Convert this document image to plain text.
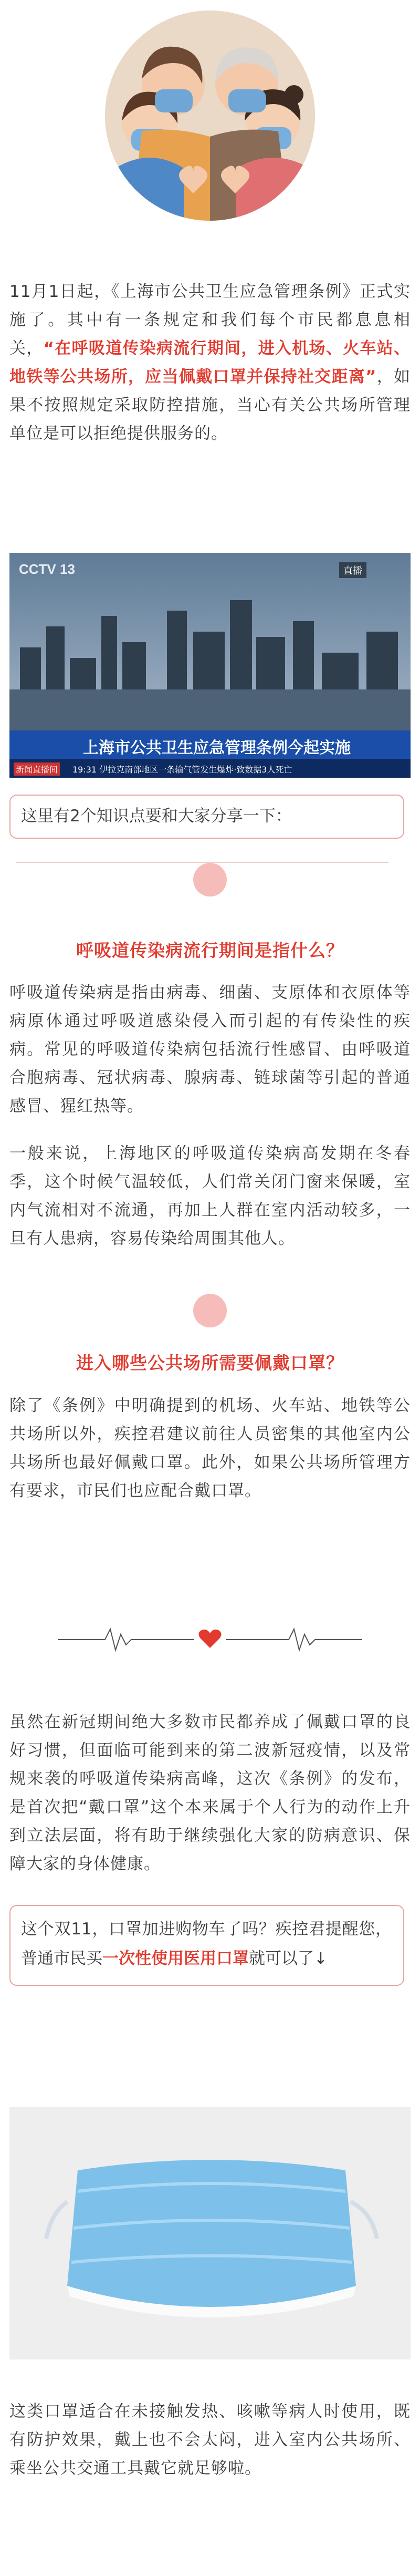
11月1日起，《上海市公共卫生应急管理条例》正式实施了。其中有一条规定和我们每个市民都息息相关，“在呼吸道传染病流行期间，进入机场、火车站、地铁等公共场所，应当佩戴口罩并保持社交距离”，如果不按照规定采取防控措施，当心有关公共场所管理单位是可以拒绝提供服务的。

CCTV 13	直播
上海市公共卫生应急管理条例今起实施
新闻直播间 19:31 伊拉克南部地区一条输气管发生爆炸·致数据3人死亡

这里有2个知识点要和大家分享一下：

呼吸道传染病流行期间是指什么？

呼吸道传染病是指由病毒、细菌、支原体和衣原体等病原体通过呼吸道感染侵入而引起的有传染性的疾病。常见的呼吸道传染病包括流行性感冒、由呼吸道合胞病毒、冠状病毒、腺病毒、链球菌等引起的普通感冒、猩红热等。

一般来说，上海地区的呼吸道传染病高发期在冬春季，这个时候气温较低，人们常关闭门窗来保暖，室内气流相对不流通，再加上人群在室内活动较多，一旦有人患病，容易传染给周围其他人。

进入哪些公共场所需要佩戴口罩？

除了《条例》中明确提到的机场、火车站、地铁等公共场所以外，疾控君建议前往人员密集的其他室内公共场所也最好佩戴口罩。此外，如果公共场所管理方有要求，市民们也应配合戴口罩。

虽然在新冠期间绝大多数市民都养成了佩戴口罩的良好习惯，但面临可能到来的第二波新冠疫情，以及常规来袭的呼吸道传染病高峰，这次《条例》的发布，是首次把“戴口罩”这个本来属于个人行为的动作上升到立法层面，将有助于继续强化大家的防病意识、保障大家的身体健康。

这个双11，口罩加进购物车了吗？疾控君提醒您，普通市民买一次性使用医用口罩就可以了↓

这类口罩适合在未接触发热、咳嗽等病人时使用，既有防护效果，戴上也不会太闷，进入室内公共场所、乘坐公共交通工具戴它就足够啦。
